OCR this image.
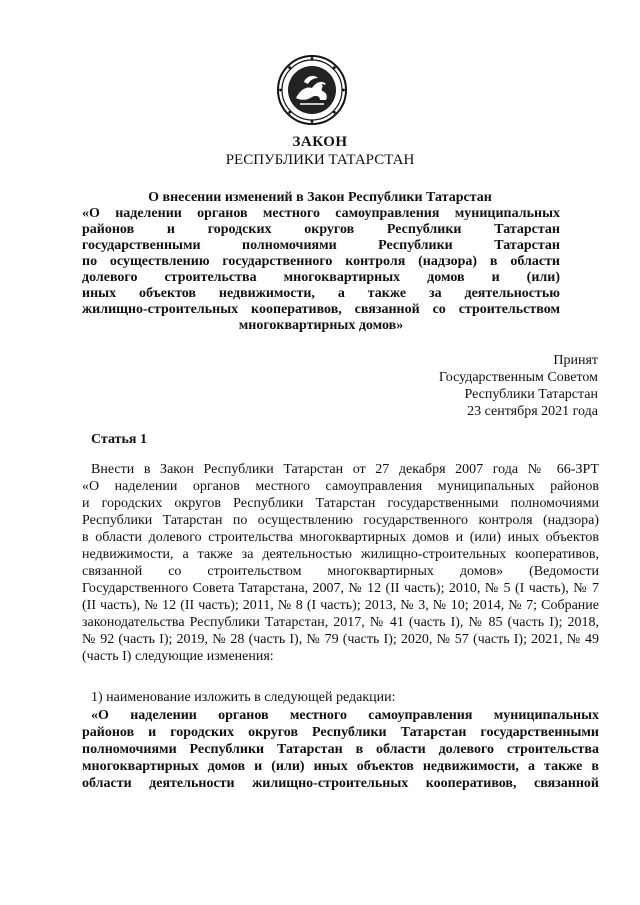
ЗАКОН
РЕСПУБЛИКИ ТАТАРСТАН
О внесении изменений в Закон Республики Татарстан
«О наделении органов местного самоуправления муниципальных
районов и городских округов Республики Татарстан
государственными полномочиями Республики Татарстан
по осуществлению государственного контроля (надзора) в области
долевого строительства многоквартирных домов и (или)
иных объектов недвижимости, а также за деятельностью
жилищно-строительных кооперативов, связанной со строительством
многоквартирных домов»
Принят
Государственным Советом
Республики Татарстан
23 сентября 2021 года
Статья 1
Внести в Закон Республики Татарстан от 27 декабря 2007 года № 66-ЗРТ
«О наделении органов местного самоуправления муниципальных районов
и городских округов Республики Татарстан государственными полномочиями
Республики Татарстан по осуществлению государственного контроля (надзора)
в области долевого строительства многоквартирных домов и (или) иных объектов
недвижимости, а также за деятельностью жилищно-строительных кооперативов,
связанной со строительством многоквартирных домов» (Ведомости
Государственного Совета Татарстана, 2007, № 12 (II часть); 2010, № 5 (I часть), № 7
(II часть), № 12 (II часть); 2011, № 8 (I часть); 2013, № 3, № 10; 2014, № 7; Собрание
законодательства Республики Татарстан, 2017, № 41 (часть I), № 85 (часть I); 2018,
№ 92 (часть I); 2019, № 28 (часть I), № 79 (часть I); 2020, № 57 (часть I); 2021, № 49
(часть I) следующие изменения:
1) наименование изложить в следующей редакции:
«О наделении органов местного самоуправления муниципальных
районов и городских округов Республики Татарстан государственными
полномочиями Республики Татарстан в области долевого строительства
многоквартирных домов и (или) иных объектов недвижимости, а также в
области деятельности жилищно-строительных кооперативов, связанной
